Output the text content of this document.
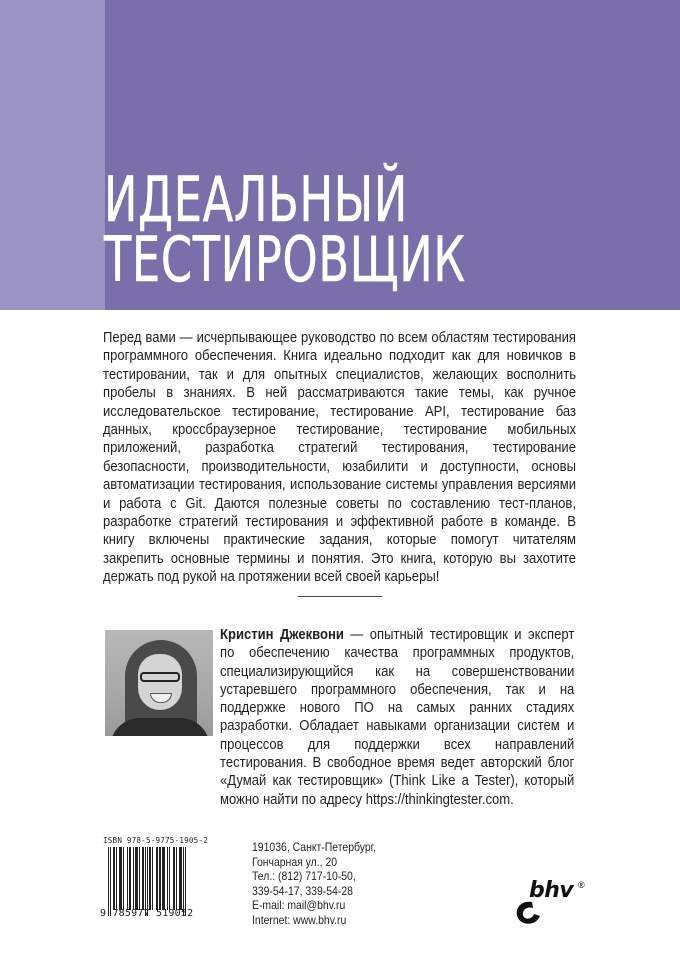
ИДЕАЛЬНЫЙ
ТЕСТИРОВЩИК
Перед вами — исчерпывающее руководство по всем областям тестирования программного обеспечения. Книга идеально подходит как для новичков в тестировании, так и для опытных специалистов, желающих восполнить пробелы в знаниях. В ней рассматриваются такие темы, как ручное исследовательское тестирование, тестирование API, тестирование баз данных, кроссбраузерное тестирование, тестирование мобильных приложений, разработка стратегий тестирования, тестирование безопасности, производительности, юзабилити и доступности, основы автоматизации тестирования, использование системы управления версиями и работа с Git. Даются полезные советы по составлению тест-планов, разработке стратегий тестирования и эффективной работе в команде. В книгу включены практические задания, которые помогут читателям закрепить основные термины и понятия. Это книга, которую вы захотите держать под рукой на протяжении всей своей карьеры!
Кристин Джеквони — опытный тестировщик и эксперт по обеспечению качества программных продуктов, специализирующийся как на совершенствовании устаревшего программного обеспечения, так и на поддержке нового ПО на самых ранних стадиях разработки. Обладает навыками организации систем и процессов для поддержки всех направлений тестирования. В свободное время ведет авторский блог «Думай как тестировщик» (Think Like a Tester), который можно найти по адресу https://thinkingtester.com.
ISBN 978-5-9775-1905-2
9 785977 519052
191036, Санкт-Петербург,
Гончарная ул., 20
Тел.: (812) 717-10-50,
339-54-17, 339-54-28
E-mail: mail@bhv.ru
Internet: www.bhv.ru
bhv ®
